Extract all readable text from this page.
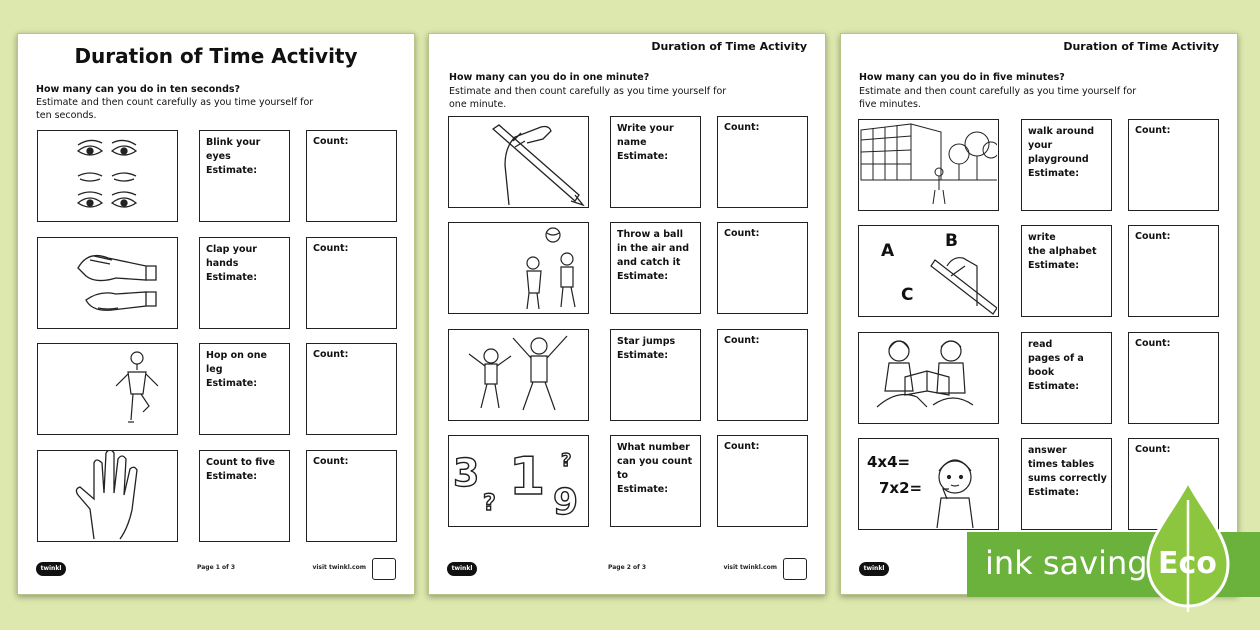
Duration of Time Activity
How many can you do in ten seconds?
Estimate and then count carefully as you time yourself for
ten seconds.
Blink your eyes
Estimate:
Count:
Clap your hands
Estimate:
Count:
Hop on one leg
Estimate:
Count:
Count to five
Estimate:
Count:
twinkl	Page 1 of 3	visit twinkl.com
Duration of Time Activity
How many can you do in one minute?
Estimate and then count carefully as you time yourself for
one minute.
Write your name
Estimate:
Count:
Throw a ball
in the air and
and catch it
Estimate:
Count:
Star jumps
Estimate:
Count:
3 1 9
?
?
What number
can you count to
Estimate:
Count:
twinkl	Page 2 of 3	visit twinkl.com
Duration of Time Activity
How many can you do in five minutes?
Estimate and then count carefully as you time yourself for
five minutes.
walk around
your playground
Estimate:
Count:
A	B
C
write
the alphabet
Estimate:
Count:
read
pages of a book
Estimate:
Count:
4x4=
7x2=
answer
times tables
sums correctly
Estimate:
Count:
twinkl	ink saving Eco
